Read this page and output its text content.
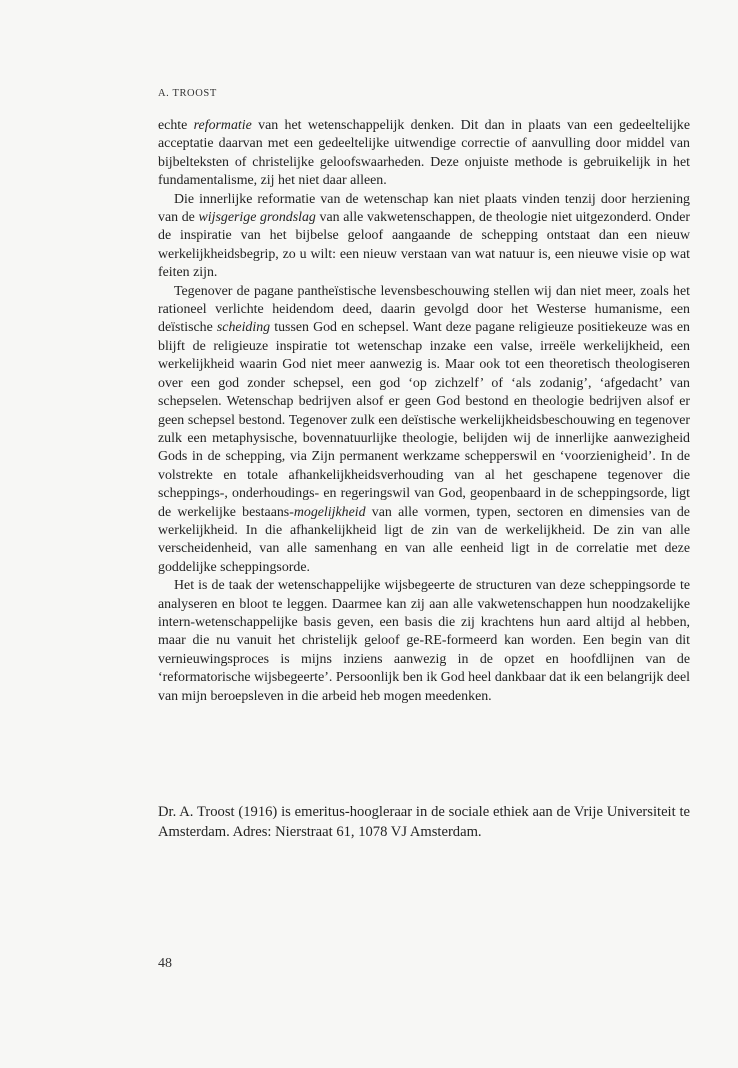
A. TROOST

echte reformatie van het wetenschappelijk denken. Dit dan in plaats van een gedeeltelijke acceptatie daarvan met een gedeeltelijke uitwendige correctie of aanvulling door middel van bijbelteksten of christelijke geloofswaarheden. Deze onjuiste methode is gebruikelijk in het fundamentalisme, zij het niet daar alleen.

Die innerlijke reformatie van de wetenschap kan niet plaats vinden tenzij door herziening van de wijsgerige grondslag van alle vakwetenschappen, de theologie niet uitgezonderd. Onder de inspiratie van het bijbelse geloof aangaande de schepping ontstaat dan een nieuw werkelijkheidsbegrip, zo u wilt: een nieuw verstaan van wat natuur is, een nieuwe visie op wat feiten zijn.

Tegenover de pagane pantheïstische levensbeschouwing stellen wij dan niet meer, zoals het rationeel verlichte heidendom deed, daarin gevolgd door het Westerse humanisme, een deïstische scheiding tussen God en schepsel. Want deze pagane religieuze positiekeuze was en blijft de religieuze inspiratie tot wetenschap inzake een valse, irreële werkelijkheid, een werkelijkheid waarin God niet meer aanwezig is. Maar ook tot een theoretisch theologiseren over een god zonder schepsel, een god ‘op zichzelf’ of ‘als zodanig’, ‘afgedacht’ van schepselen. Wetenschap bedrijven alsof er geen God bestond en theologie bedrijven alsof er geen schepsel bestond. Tegenover zulk een deïstische werkelijkheidsbeschouwing en tegenover zulk een metaphysische, bovennatuurlijke theologie, belijden wij de innerlijke aanwezigheid Gods in de schepping, via Zijn permanent werkzame schepperswil en ‘voorzienigheid’. In de volstrekte en totale afhankelijkheidsverhouding van al het geschapene tegenover die scheppings-, onderhoudings- en regeringswil van God, geopenbaard in de scheppingsorde, ligt de werkelijke bestaans-mogelijkheid van alle vormen, typen, sectoren en dimensies van de werkelijkheid. In die afhankelijkheid ligt de zin van de werkelijkheid. De zin van alle verscheidenheid, van alle samenhang en van alle eenheid ligt in de correlatie met deze goddelijke scheppingsorde.

Het is de taak der wetenschappelijke wijsbegeerte de structuren van deze scheppingsorde te analyseren en bloot te leggen. Daarmee kan zij aan alle vakwetenschappen hun noodzakelijke intern-wetenschappelijke basis geven, een basis die zij krachtens hun aard altijd al hebben, maar die nu vanuit het christelijk geloof ge-RE-formeerd kan worden. Een begin van dit vernieuwingsproces is mijns inziens aanwezig in de opzet en hoofdlijnen van de ‘reformatorische wijsbegeerte’. Persoonlijk ben ik God heel dankbaar dat ik een belangrijk deel van mijn beroepsleven in die arbeid heb mogen meedenken.

Dr. A. Troost (1916) is emeritus-hoogleraar in de sociale ethiek aan de Vrije Universiteit te Amsterdam. Adres: Nierstraat 61, 1078 VJ Amsterdam.

48
